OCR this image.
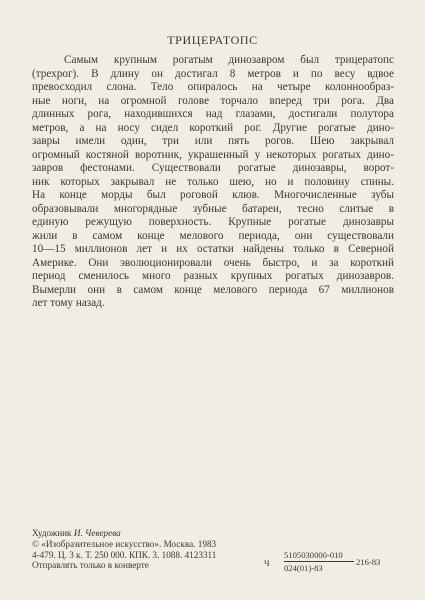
ТРИЦЕРАТОПС

Самым крупным рогатым динозавром был трицератопс
(трехрог). В длину он достигал 8 метров и по весу вдвое
превосходил слона. Тело опиралось на четыре колоннообраз-
ные ноги, на огромной голове торчало вперед три рога. Два
длинных рога, находившихся над глазами, достигали полутора
метров, а на носу сидел короткий рог. Другие рогатые дино-
завры имели один, три или пять рогов. Шею закрывал
огромный костяной воротник, украшенный у некоторых рогатых дино-
завров фестонами. Существовали рогатые динозавры, ворот-
ник которых закрывал не только шею, но и половину спины.
На конце морды был роговой клюв. Многочисленные зубы
образовывали многорядные зубные батареи, тесно слитые в
единую режущую поверхность. Крупные рогатые динозавры
жили в самом конце мелового периода, они существовали
10—15 миллионов лет и их остатки найдены только в Северной
Америке. Они эволюционировали очень быстро, и за короткий
период сменилось много разных крупных рогатых динозавров.
Вымерли они в самом конце мелового периода 67 миллионов
лет тому назад.

Художник И. Чеверева
© «Изобразительное искусство». Москва. 1983
4-479. Ц. 3 к. Т. 250 000. КПК. 3. 1088. 4123311
Отправлять только в конверте	Ч $\frac{5105030000-010}{024(01)-83} 216-83$
